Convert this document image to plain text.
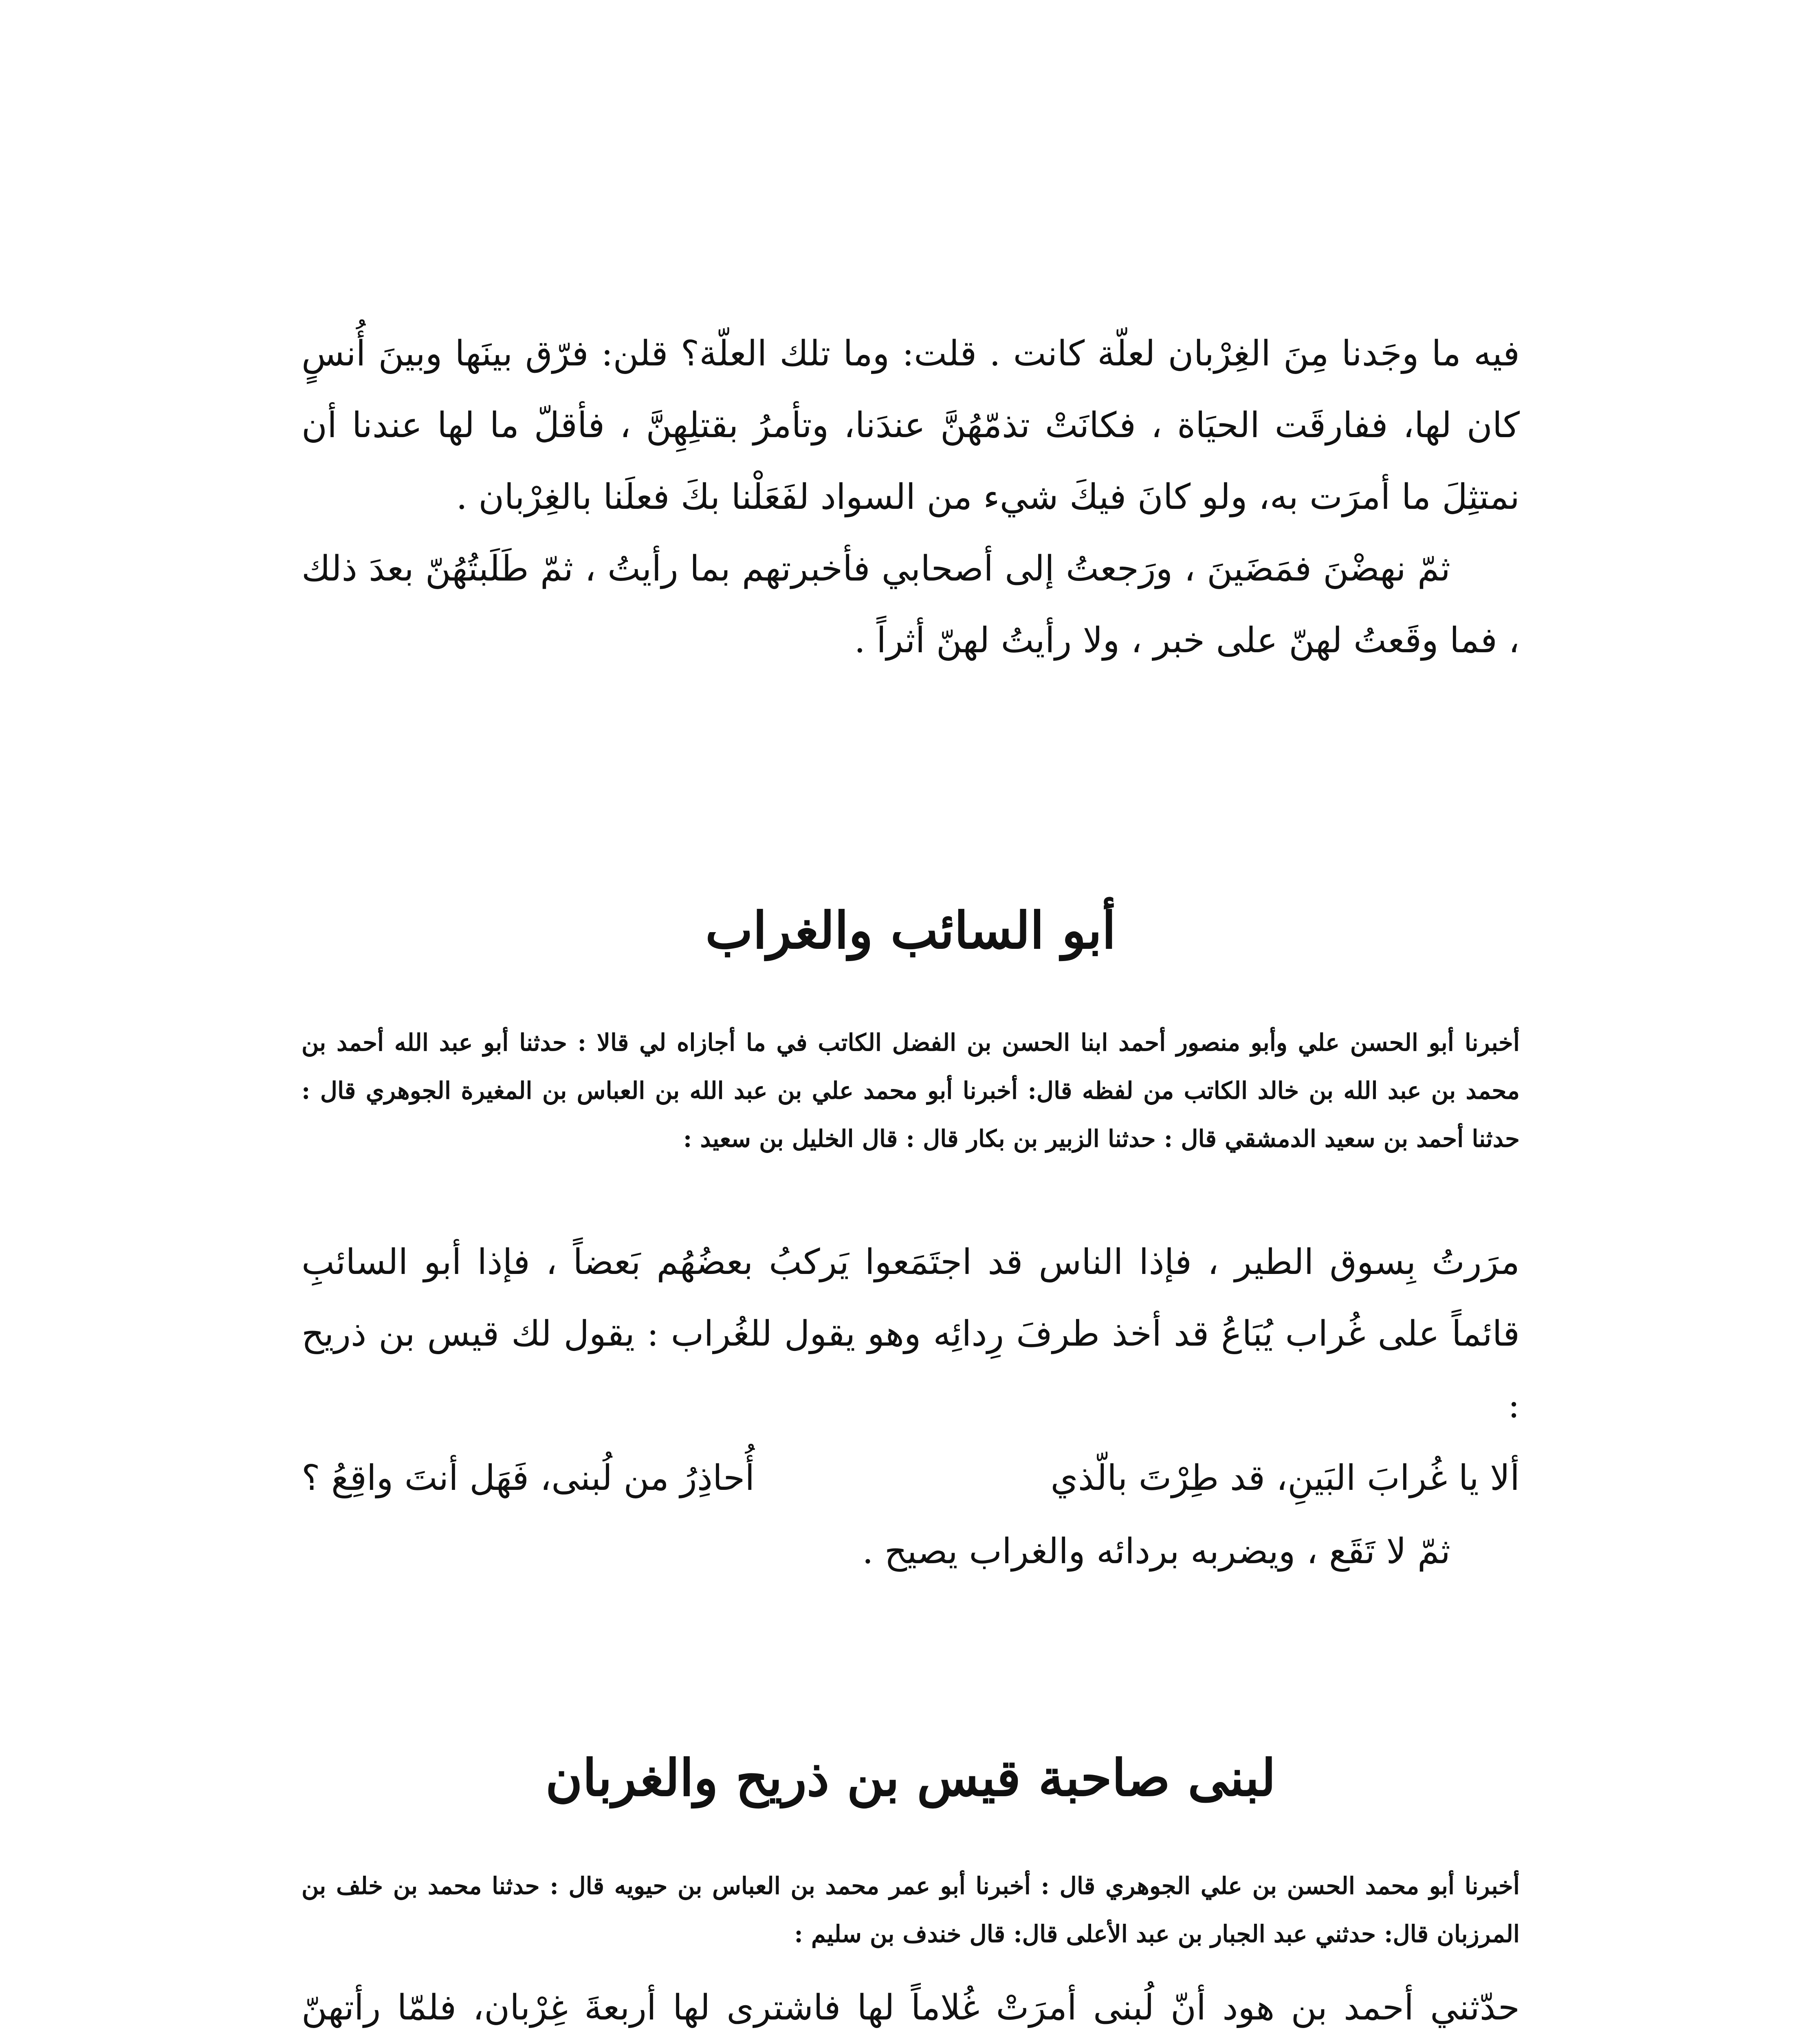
فيه ما وجَدنا مِنَ الغِرْبان لعلّة كانت . قلت: وما تلك العلّة؟ قلن: فرّق بينَها وبينَ أُنسٍ كان لها، ففارقَت الحيَاة ، فكانَتْ تذمّهُنَّ عندَنا، وتأمرُ بقتلِهِنَّ ، فأقلّ ما لها عندنا أن نمتثِلَ ما أمرَت به، ولو كانَ فيكَ شيء من السواد لفَعَلْنا بكَ فعلَنا بالغِرْبان .

ثمّ نهضْنَ فمَضَينَ ، ورَجعتُ إلى أصحابي فأخبرتهم بما رأيتُ ، ثمّ طَلَبتُهُنّ بعدَ ذلك ، فما وقَعتُ لهنّ على خبر ، ولا رأيتُ لهنّ أثراً .

أبو السائب والغراب

أخبرنا أبو الحسن علي وأبو منصور أحمد ابنا الحسن بن الفضل الكاتب في ما أجازاه لي قالا : حدثنا أبو عبد الله أحمد بن محمد بن عبد الله بن خالد الكاتب من لفظه قال: أخبرنا أبو محمد علي بن عبد الله بن العباس بن المغيرة الجوهري قال : حدثنا أحمد بن سعيد الدمشقي قال : حدثنا الزبير بن بكار قال : قال الخليل بن سعيد :

مرَرتُ بِسوق الطير ، فإذا الناس قد اجتَمَعوا يَركبُ بعضُهُم بَعضاً ، فإذا أبو السائبِ قائماً على غُراب يُبَاعُ قد أخذ طرفَ رِدائِه وهو يقول للغُراب : يقول لك قيس بن ذريح :

ألا يا غُرابَ البَينِ، قد طِرْتَ بالّذي
أُحاذِرُ من لُبنى، فَهَل أنتَ واقِعُ ؟

ثمّ لا تَقَع ، ويضربه بردائه والغراب يصيح .

لبنى صاحبة قيس بن ذريح والغربان

أخبرنا أبو محمد الحسن بن علي الجوهري قال : أخبرنا أبو عمر محمد بن العباس بن حيويه قال : حدثنا محمد بن خلف بن المرزبان قال: حدثني عبد الجبار بن عبد الأعلى قال: قال خندف بن سليم :

حدّثني أحمد بن هود أنّ لُبنى أمرَتْ غُلاماً لها فاشترى لها أربعةَ غِرْبان، فلمّا رأتهنّ
